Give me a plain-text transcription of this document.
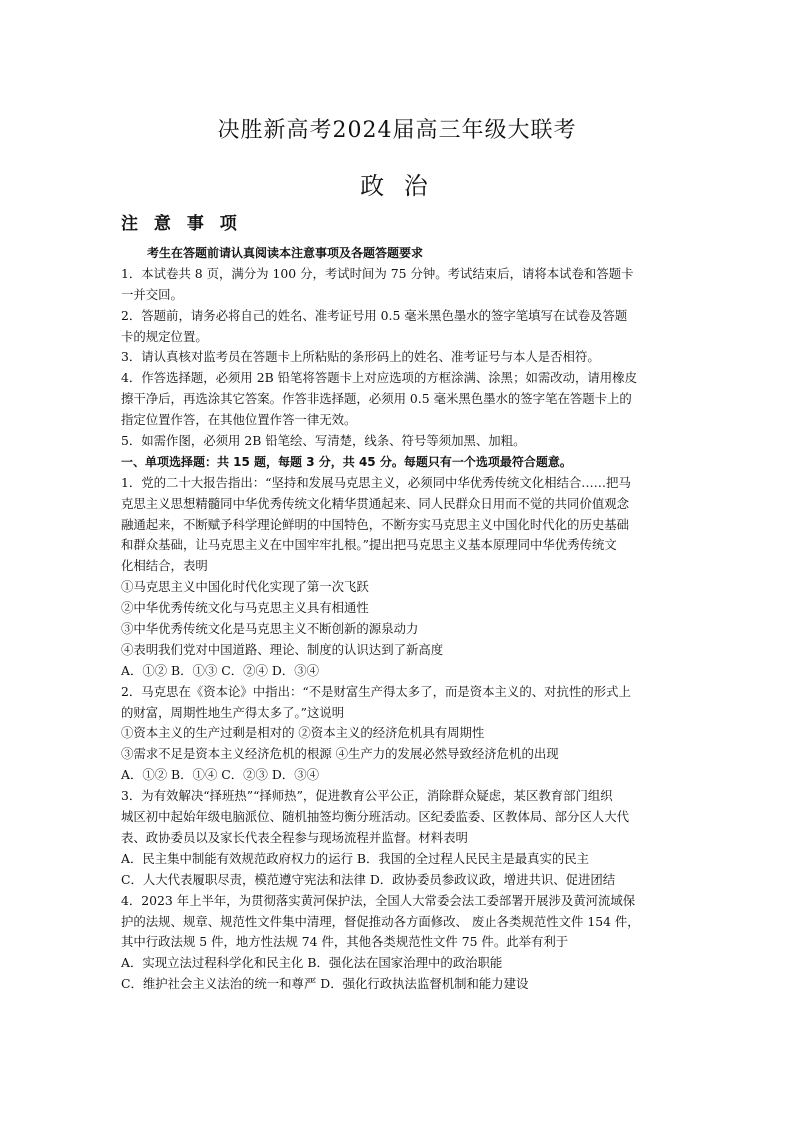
决胜新高考2024届高三年级大联考
政 治
注 意 事 项
考生在答题前请认真阅读本注意事项及各题答题要求
1．本试卷共 8 页，满分为 100 分，考试时间为 75 分钟。考试结束后，请将本试卷和答题卡
一并交回。
2．答题前，请务必将自己的姓名、准考证号用 0.5 毫米黑色墨水的签字笔填写在试卷及答题
卡的规定位置。
3．请认真核对监考员在答题卡上所粘贴的条形码上的姓名、准考证号与本人是否相符。
4．作答选择题，必须用 2B 铅笔将答题卡上对应选项的方框涂满、涂黑；如需改动，请用橡皮
擦干净后，再选涂其它答案。作答非选择题，必须用 0.5 毫米黑色墨水的签字笔在答题卡上的
指定位置作答，在其他位置作答一律无效。
5．如需作图，必须用 2B 铅笔绘、写清楚，线条、符号等须加黑、加粗。
一、单项选择题：共 15 题，每题 3 分，共 45 分。每题只有一个选项最符合题意。
1．党的二十大报告指出：“坚持和发展马克思主义，必须同中华优秀传统文化相结合……把马
克思主义思想精髓同中华优秀传统文化精华贯通起来、同人民群众日用而不觉的共同价值观念
融通起来，不断赋予科学理论鲜明的中国特色，不断夯实马克思主义中国化时代化的历史基础
和群众基础，让马克思主义在中国牢牢扎根。”提出把马克思主义基本原理同中华优秀传统文
化相结合，表明
①马克思主义中国化时代化实现了第一次飞跃
②中华优秀传统文化与马克思主义具有相通性
③中华优秀传统文化是马克思主义不断创新的源泉动力
④表明我们党对中国道路、理论、制度的认识达到了新高度
A．①② B．①③ C．②④ D．③④
2．马克思在《资本论》中指出：“不是财富生产得太多了，而是资本主义的、对抗性的形式上
的财富，周期性地生产得太多了。”这说明
①资本主义的生产过剩是相对的 ②资本主义的经济危机具有周期性
③需求不足是资本主义经济危机的根源 ④生产力的发展必然导致经济危机的出现
A．①② B．①④ C．②③ D．③④
3．为有效解决“择班热”“择师热”，促进教育公平公正，消除群众疑虑，某区教育部门组织
城区初中起始年级电脑派位、随机抽签均衡分班活动。区纪委监委、区教体局、部分区人大代
表、政协委员以及家长代表全程参与现场流程并监督。材料表明
A．民主集中制能有效规范政府权力的运行 B．我国的全过程人民民主是最真实的民主
C．人大代表履职尽责，模范遵守宪法和法律 D．政协委员参政议政，增进共识、促进团结
4．2023 年上半年，为贯彻落实黄河保护法，全国人大常委会法工委部署开展涉及黄河流域保
护的法规、规章、规范性文件集中清理，督促推动各方面修改、 废止各类规范性文件 154 件，
其中行政法规 5 件，地方性法规 74 件，其他各类规范性文件 75 件。此举有利于
A．实现立法过程科学化和民主化 B．强化法在国家治理中的政治职能
C．维护社会主义法治的统一和尊严 D．强化行政执法监督机制和能力建设
